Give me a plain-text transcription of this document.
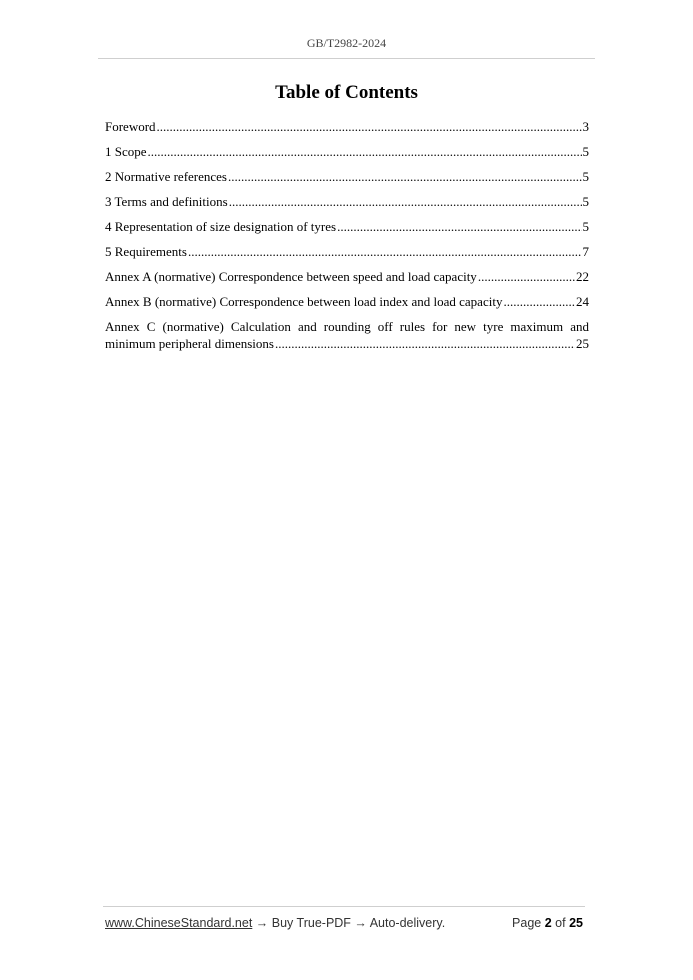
GB/T2982-2024
Table of Contents
Foreword .....	3
1 Scope .....	5
2 Normative references .....	5
3 Terms and definitions .....	5
4 Representation of size designation of tyres .....	5
5 Requirements .....	7
Annex A (normative) Correspondence between speed and load capacity .....	22
Annex B (normative) Correspondence between load index and load capacity .....	24
Annex C (normative) Calculation and rounding off rules for new tyre maximum and
minimum peripheral dimensions .....	25
www.ChineseStandard.net → Buy True-PDF → Auto-delivery.	Page 2 of 25
